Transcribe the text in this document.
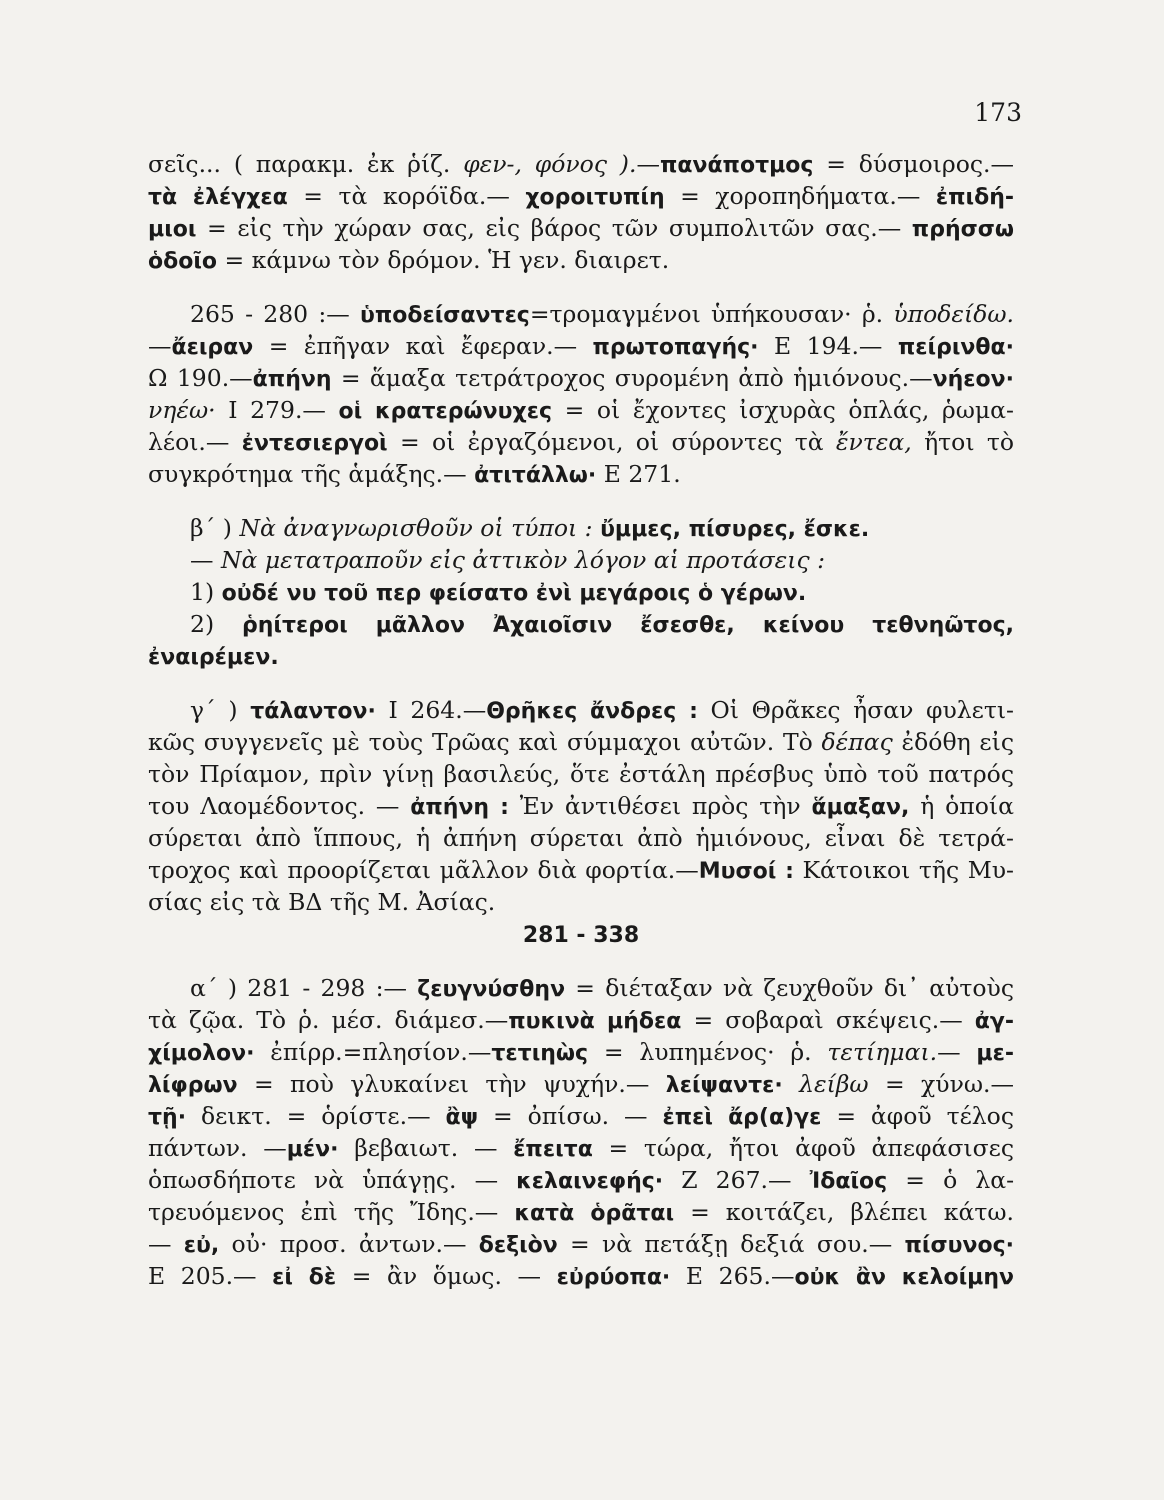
173
σεῖς... ( παρακμ. ἐκ ῥίζ. φεν-, φόνος ).—πανάποτμος = δύσμοιρος.—
τὰ ἐλέγχεα = τὰ κορόϊδα.— χοροιτυπίη = χοροπηδήματα.— ἐπιδή-
μιοι = εἰς τὴν χώραν σας, εἰς βάρος τῶν συμπολιτῶν σας.— πρήσσω
ὁδοῖο = κάμνω τὸν δρόμον. Ἡ γεν. διαιρετ.
265 - 280 :— ὑποδείσαντες=τρομαγμένοι ὑπήκουσαν· ῥ. ὑποδείδω.
—ἄειραν = ἐπῆγαν καὶ ἔφεραν.— πρωτοπαγής· Ε 194.— πείρινθα·
Ω 190.—ἀπήνη = ἅμαξα τετράτροχος συρομένη ἀπὸ ἡμιόνους.—νήεον·
νηέω· Ι 279.— οἱ κρατερώνυχες = οἱ ἔχοντες ἰσχυρὰς ὁπλάς, ῥωμα-
λέοι.— ἐντεσιεργοὶ = οἱ ἐργαζόμενοι, οἱ σύροντες τὰ ἔντεα, ἤτοι τὸ
συγκρότημα τῆς ἁμάξης.— ἀτιτάλλω· Ε 271.
β΄ ) Νὰ ἀναγνωρισθοῦν οἱ τύποι : ὔμμες, πίσυρες, ἔσκε.
— Νὰ μετατραποῦν εἰς ἀττικὸν λόγον αἱ προτάσεις :
1) οὐδέ νυ τοῦ περ φείσατο ἐνὶ μεγάροις ὁ γέρων.
2) ῥηίτεροι μᾶλλον Ἀχαιοῖσιν ἔσεσθε, κείνου τεθνηῶτος,
ἐναιρέμεν.
γ΄ ) τάλαντον· Ι 264.—Θρῆκες ἄνδρες : Οἱ Θρᾶκες ἦσαν φυλετι-
κῶς συγγενεῖς μὲ τοὺς Τρῶας καὶ σύμμαχοι αὐτῶν. Τὸ δέπας ἐδόθη εἰς
τὸν Πρίαμον, πρὶν γίνῃ βασιλεύς, ὅτε ἐστάλη πρέσβυς ὑπὸ τοῦ πατρός
του Λαομέδοντος. — ἀπήνη : Ἐν ἀντιθέσει πρὸς τὴν ἅμαξαν, ἡ ὁποία
σύρεται ἀπὸ ἵππους, ἡ ἀπήνη σύρεται ἀπὸ ἡμιόνους, εἶναι δὲ τετρά-
τροχος καὶ προορίζεται μᾶλλον διὰ φορτία.—Μυσοί : Κάτοικοι τῆς Μυ-
σίας εἰς τὰ ΒΔ τῆς Μ. Ἀσίας.
281 - 338
α΄ ) 281 - 298 :— ζευγνύσθην = διέταξαν νὰ ζευχθοῦν δι᾽ αὐτοὺς
τὰ ζῷα. Τὸ ῥ. μέσ. διάμεσ.—πυκινὰ μήδεα = σοβαραὶ σκέψεις.— ἀγ-
χίμολον· ἐπίρρ.=πλησίον.—τετιηὼς = λυπημένος· ῥ. τετίημαι.— με-
λίφρων = ποὺ γλυκαίνει τὴν ψυχήν.— λείψαντε· λείβω = χύνω.—
τῇ· δεικτ. = ὁρίστε.— ἂψ = ὀπίσω. — ἐπεὶ ἄρ(α)γε = ἀφοῦ τέλος
πάντων. —μέν· βεβαιωτ. — ἔπειτα = τώρα, ἤτοι ἀφοῦ ἀπεφάσισες
ὁπωσδήποτε νὰ ὑπάγῃς. — κελαινεφής· Ζ 267.— Ἰδαῖος = ὁ λα-
τρευόμενος ἐπὶ τῆς Ἴδης.— κατὰ ὁρᾶται = κοιτάζει, βλέπει κάτω.
— εὐ, οὐ· προσ. ἀντων.— δεξιὸν = νὰ πετάξῃ δεξιά σου.— πίσυνος·
Ε 205.— εἰ δὲ = ἂν ὅμως. — εὐρύοπα· Ε 265.—οὐκ ἂν κελοίμην
